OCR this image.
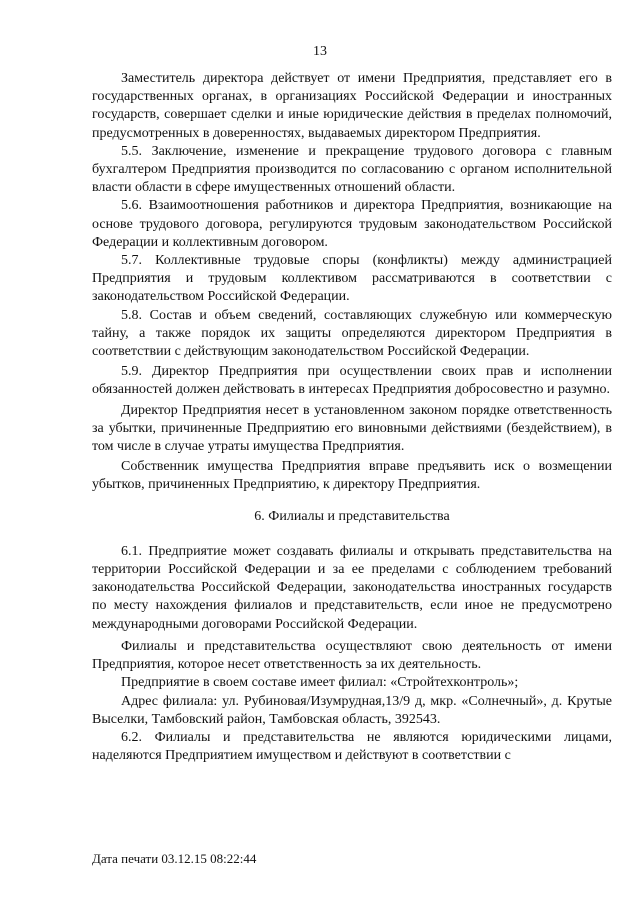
13

Заместитель директора действует от имени Предприятия, представляет его в государственных органах, в организациях Российской Федерации и иностранных государств, совершает сделки и иные юридические действия в пределах полномочий, предусмотренных в доверенностях, выдаваемых директором Предприятия.

5.5. Заключение, изменение и прекращение трудового договора с главным бухгалтером Предприятия производится по согласованию с органом исполнительной власти области в сфере имущественных отношений области.

5.6. Взаимоотношения работников и директора Предприятия, возникающие на основе трудового договора, регулируются трудовым законодательством Российской Федерации и коллективным договором.

5.7. Коллективные трудовые споры (конфликты) между администрацией Предприятия и трудовым коллективом рассматриваются в соответствии с законодательством Российской Федерации.

5.8. Состав и объем сведений, составляющих служебную или коммерческую тайну, а также порядок их защиты определяются директором Предприятия в соответствии с действующим законодательством Российской Федерации.

5.9. Директор Предприятия при осуществлении своих прав и исполнении обязанностей должен действовать в интересах Предприятия добросовестно и разумно.

Директор Предприятия несет в установленном законом порядке ответственность за убытки, причиненные Предприятию его виновными действиями (бездействием), в том числе в случае утраты имущества Предприятия.

Собственник имущества Предприятия вправе предъявить иск о возмещении убытков, причиненных Предприятию, к директору Предприятия.

6. Филиалы и представительства

6.1. Предприятие может создавать филиалы и открывать представительства на территории Российской Федерации и за ее пределами с соблюдением требований законодательства Российской Федерации, законодательства иностранных государств по месту нахождения филиалов и представительств, если иное не предусмотрено международными договорами Российской Федерации.

Филиалы и представительства осуществляют свою деятельность от имени Предприятия, которое несет ответственность за их деятельность.

Предприятие в своем составе имеет филиал: «Стройтехконтроль»;

Адрес филиала: ул. Рубиновая/Изумрудная,13/9 д, мкр. «Солнечный», д. Крутые Выселки, Тамбовский район, Тамбовская область, 392543.

6.2. Филиалы и представительства не являются юридическими лицами, наделяются Предприятием имуществом и действуют в соответствии с

Дата печати 03.12.15 08:22:44
